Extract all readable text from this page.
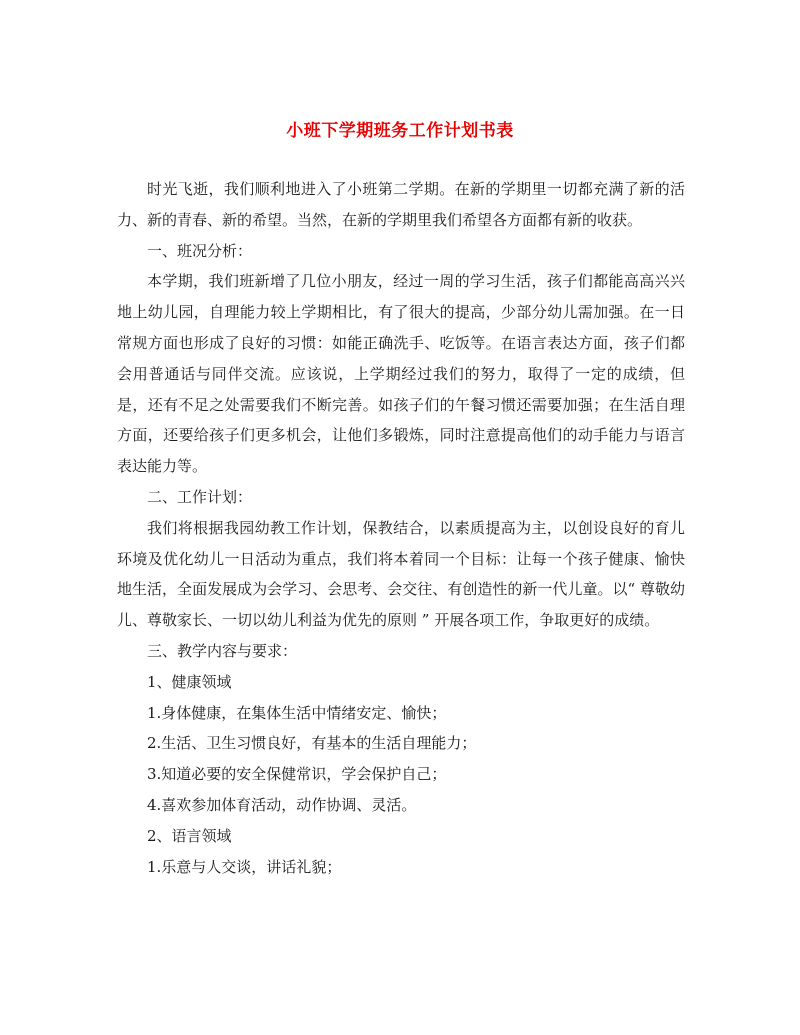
小班下学期班务工作计划书表

时光飞逝，我们顺利地进入了小班第二学期。在新的学期里一切都充满了新的活力、新的青春、新的希望。当然，在新的学期里我们希望各方面都有新的收获。

一、班况分析：

本学期，我们班新增了几位小朋友，经过一周的学习生活，孩子们都能高高兴兴地上幼儿园，自理能力较上学期相比，有了很大的提高，少部分幼儿需加强。在一日常规方面也形成了良好的习惯：如能正确洗手、吃饭等。在语言表达方面，孩子们都会用普通话与同伴交流。应该说，上学期经过我们的努力，取得了一定的成绩，但是，还有不足之处需要我们不断完善。如孩子们的午餐习惯还需要加强；在生活自理方面，还要给孩子们更多机会，让他们多锻炼，同时注意提高他们的动手能力与语言表达能力等。

二、工作计划：

我们将根据我园幼教工作计划，保教结合，以素质提高为主，以创设良好的育儿环境及优化幼儿一日活动为重点，我们将本着同一个目标：让每一个孩子健康、愉快地生活，全面发展成为会学习、会思考、会交往、有创造性的新一代儿童。以“ 尊敬幼儿、尊敬家长、一切以幼儿利益为优先的原则 ” 开展各项工作，争取更好的成绩。

三、教学内容与要求：

1、健康领域

1.身体健康，在集体生活中情绪安定、愉快；

2.生活、卫生习惯良好，有基本的生活自理能力；

3.知道必要的安全保健常识，学会保护自己；

4.喜欢参加体育活动，动作协调、灵活。

2、语言领域

1.乐意与人交谈，讲话礼貌；
